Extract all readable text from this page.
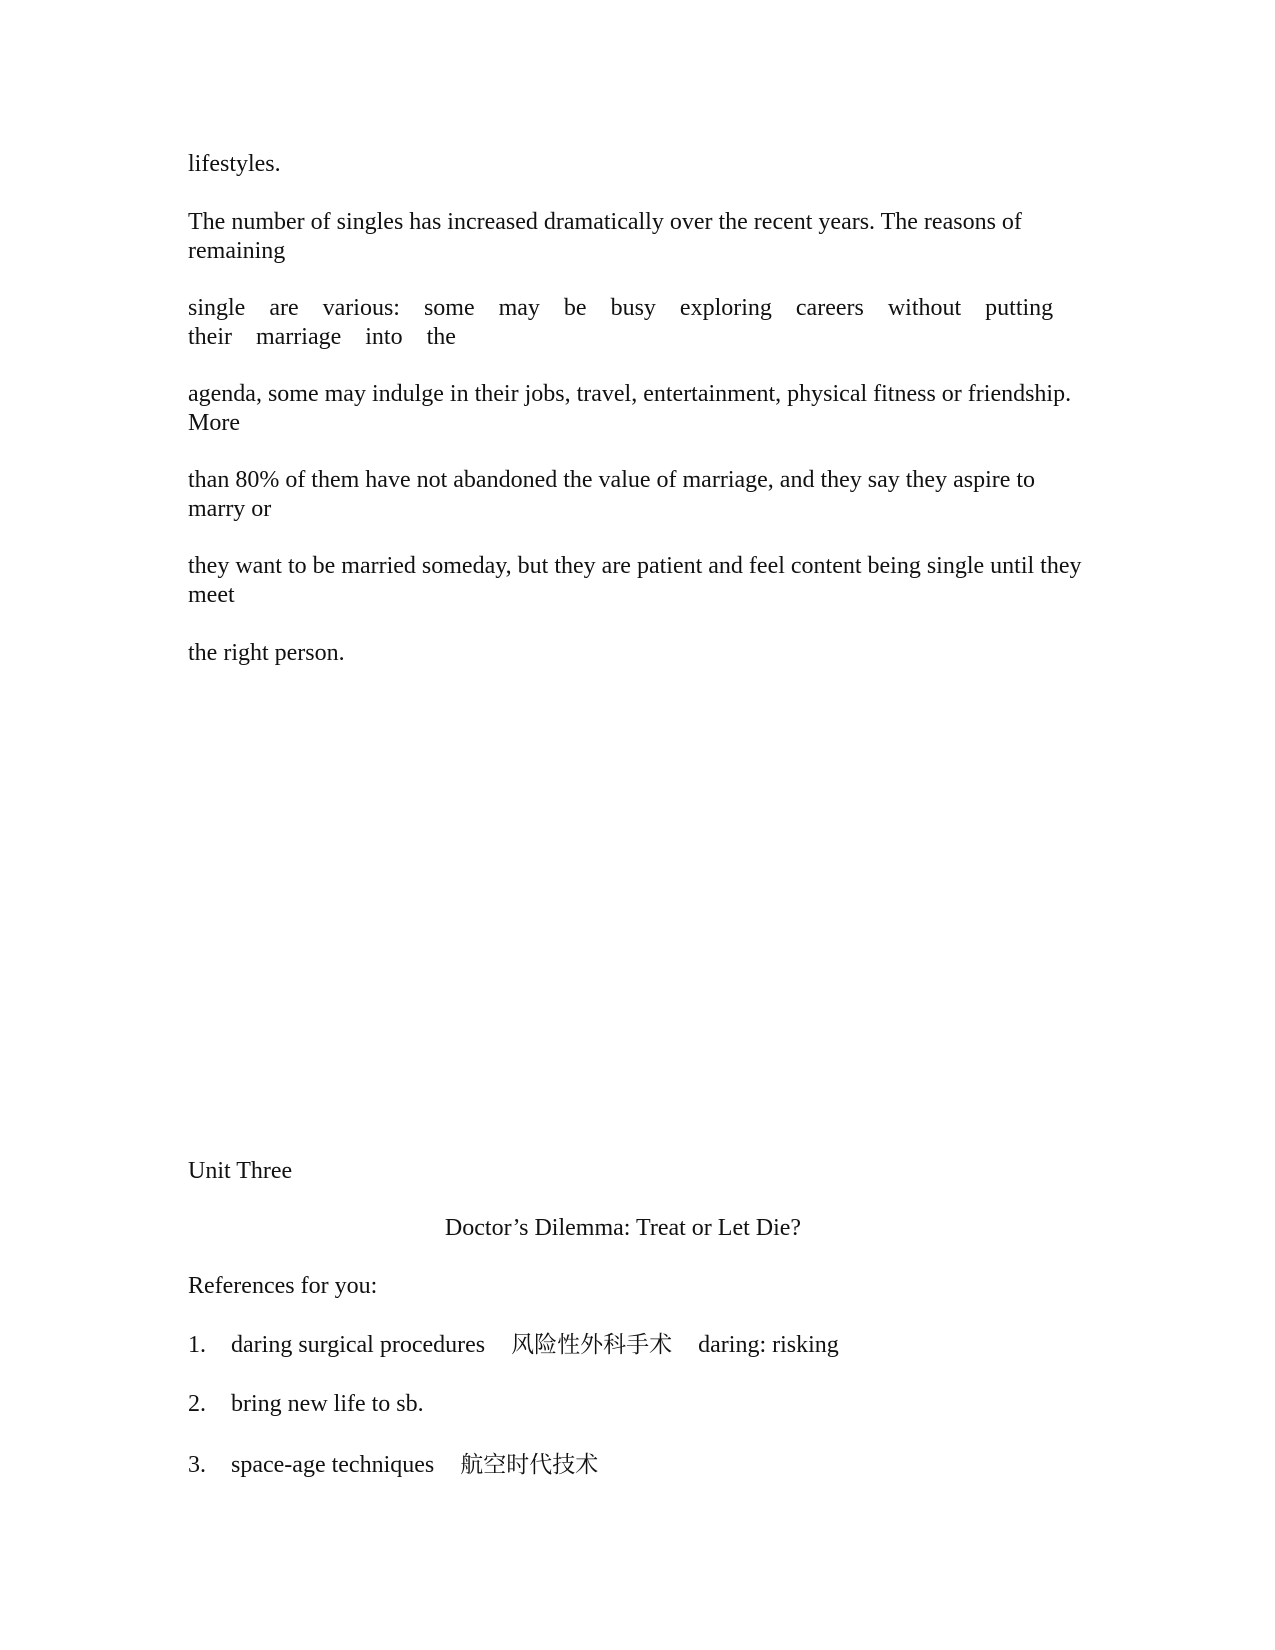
lifestyles.
The number of singles has increased dramatically over the recent years. The reasons of remaining
single are various: some may be busy exploring careers without putting their marriage into the
agenda, some may indulge in their jobs, travel, entertainment, physical fitness or friendship. More
than 80% of them have not abandoned the value of marriage, and they say they aspire to marry or
they want to be married someday, but they are patient and feel content being single until they meet
the right person.
Unit Three
Doctor’s Dilemma: Treat or Let Die?
References for you:
1.	daring surgical procedures 风险性外科手术 daring: risking
2.	bring new life to sb.
3.	space-age techniques 航空时代技术
